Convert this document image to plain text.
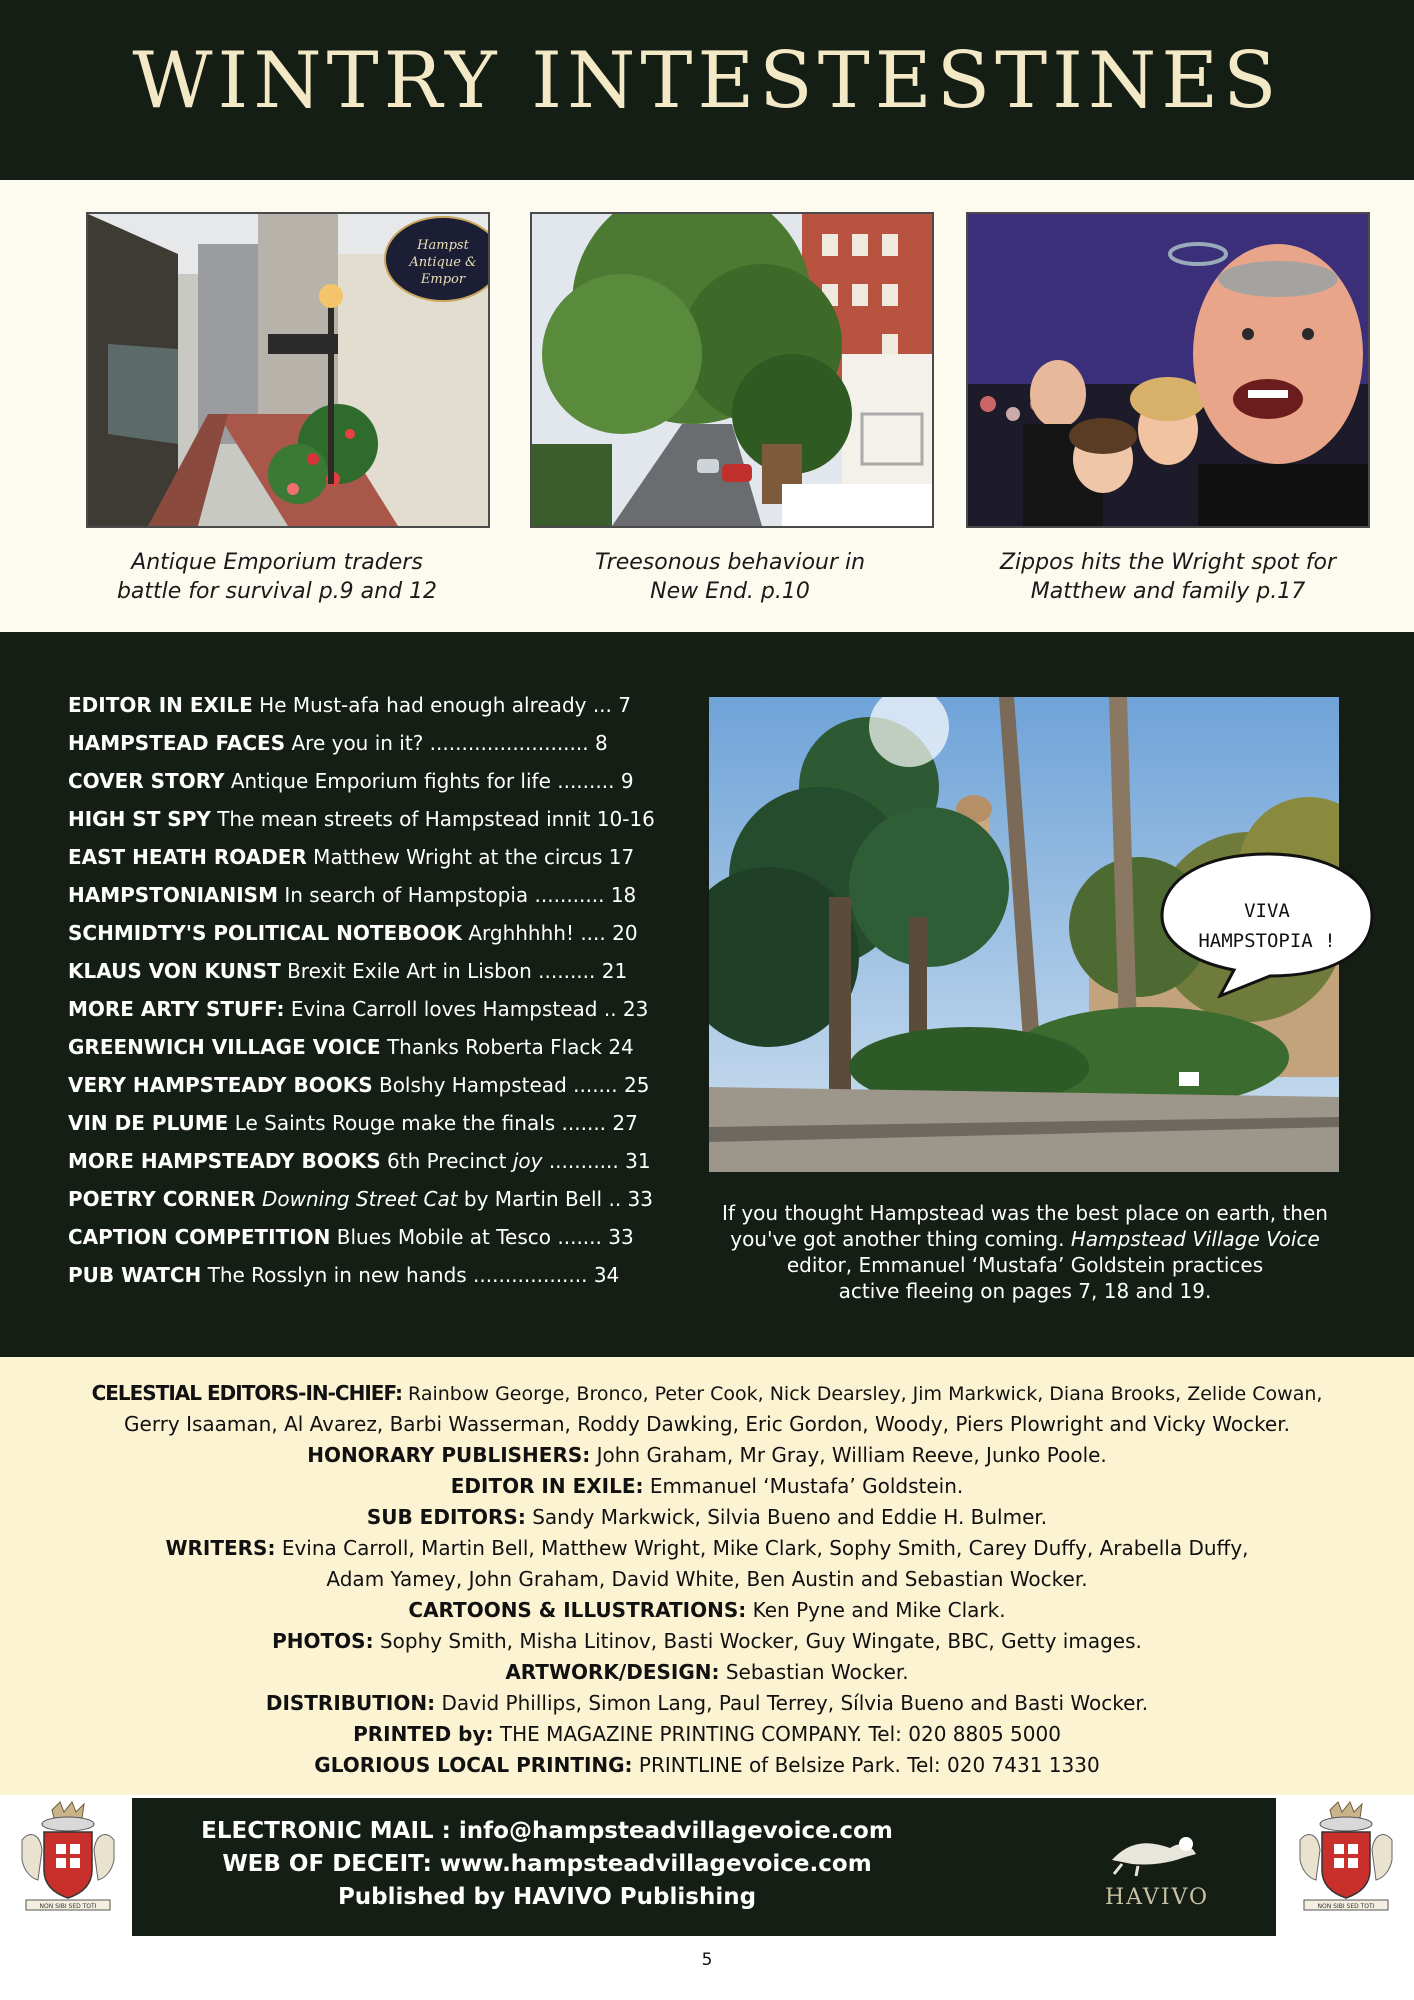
WINTRY INTESTESTINES
Hampst
Antique &
Empor
Antique Emporium traders
battle for survival p.9 and 12
Treesonous behaviour in
New End. p.10
Zippos hits the Wright spot for
Matthew and family p.17
EDITOR IN EXILE He Must-afa had enough already ... 7
HAMPSTEAD FACES Are you in it? ......................... 8
COVER STORY Antique Emporium fights for life ......... 9
HIGH ST SPY The mean streets of Hampstead innit 10-16
EAST HEATH ROADER Matthew Wright at the circus 17
HAMPSTONIANISM In search of Hampstopia ........... 18
SCHMIDTY'S POLITICAL NOTEBOOK Arghhhhh! .... 20
KLAUS VON KUNST Brexit Exile Art in Lisbon ......... 21
MORE ARTY STUFF: Evina Carroll loves Hampstead .. 23
GREENWICH VILLAGE VOICE Thanks Roberta Flack 24
VERY HAMPSTEADY BOOKS Bolshy Hampstead ....... 25
VIN DE PLUME Le Saints Rouge make the finals ....... 27
MORE HAMPSTEADY BOOKS 6th Precinct joy ........... 31
POETRY CORNER Downing Street Cat by Martin Bell .. 33
CAPTION COMPETITION Blues Mobile at Tesco ....... 33
PUB WATCH The Rosslyn in new hands .................. 34
If you thought Hampstead was the best place on earth, then
you've got another thing coming. Hampstead Village Voice
editor, Emmanuel ‘Mustafa’ Goldstein practices
active fleeing on pages 7, 18 and 19.
VIVA
HAMPSTOPIA !

CELESTIAL EDITORS-IN-CHIEF: Rainbow George, Bronco, Peter Cook, Nick Dearsley, Jim Markwick, Diana Brooks, Zelide Cowan,

Gerry Isaaman, Al Avarez, Barbi Wasserman, Roddy Dawking, Eric Gordon, Woody, Piers Plowright and Vicky Wocker.

HONORARY PUBLISHERS: John Graham, Mr Gray, William Reeve, Junko Poole.

EDITOR IN EXILE: Emmanuel ‘Mustafa’ Goldstein.

SUB EDITORS: Sandy Markwick, Silvia Bueno and Eddie H. Bulmer.

WRITERS: Evina Carroll, Martin Bell, Matthew Wright, Mike Clark, Sophy Smith, Carey Duffy, Arabella Duffy,

Adam Yamey, John Graham, David White, Ben Austin and Sebastian Wocker.

CARTOONS & ILLUSTRATIONS: Ken Pyne and Mike Clark.

PHOTOS: Sophy Smith, Misha Litinov, Basti Wocker, Guy Wingate, BBC, Getty images.

ARTWORK/DESIGN: Sebastian Wocker.

DISTRIBUTION: David Phillips, Simon Lang, Paul Terrey, Sílvia Bueno and Basti Wocker.

PRINTED by: THE MAGAZINE PRINTING COMPANY. Tel: 020 8805 5000

GLORIOUS LOCAL PRINTING: PRINTLINE of Belsize Park. Tel: 020 7431 1330

NON SIBI SED TOTI
ELECTRONIC MAIL : info@hampsteadvillagevoice.com
WEB OF DECEIT: www.hampsteadvillagevoice.com
Published by HAVIVO Publishing	HAVIVO	NON SIBI SED TOTI
5
